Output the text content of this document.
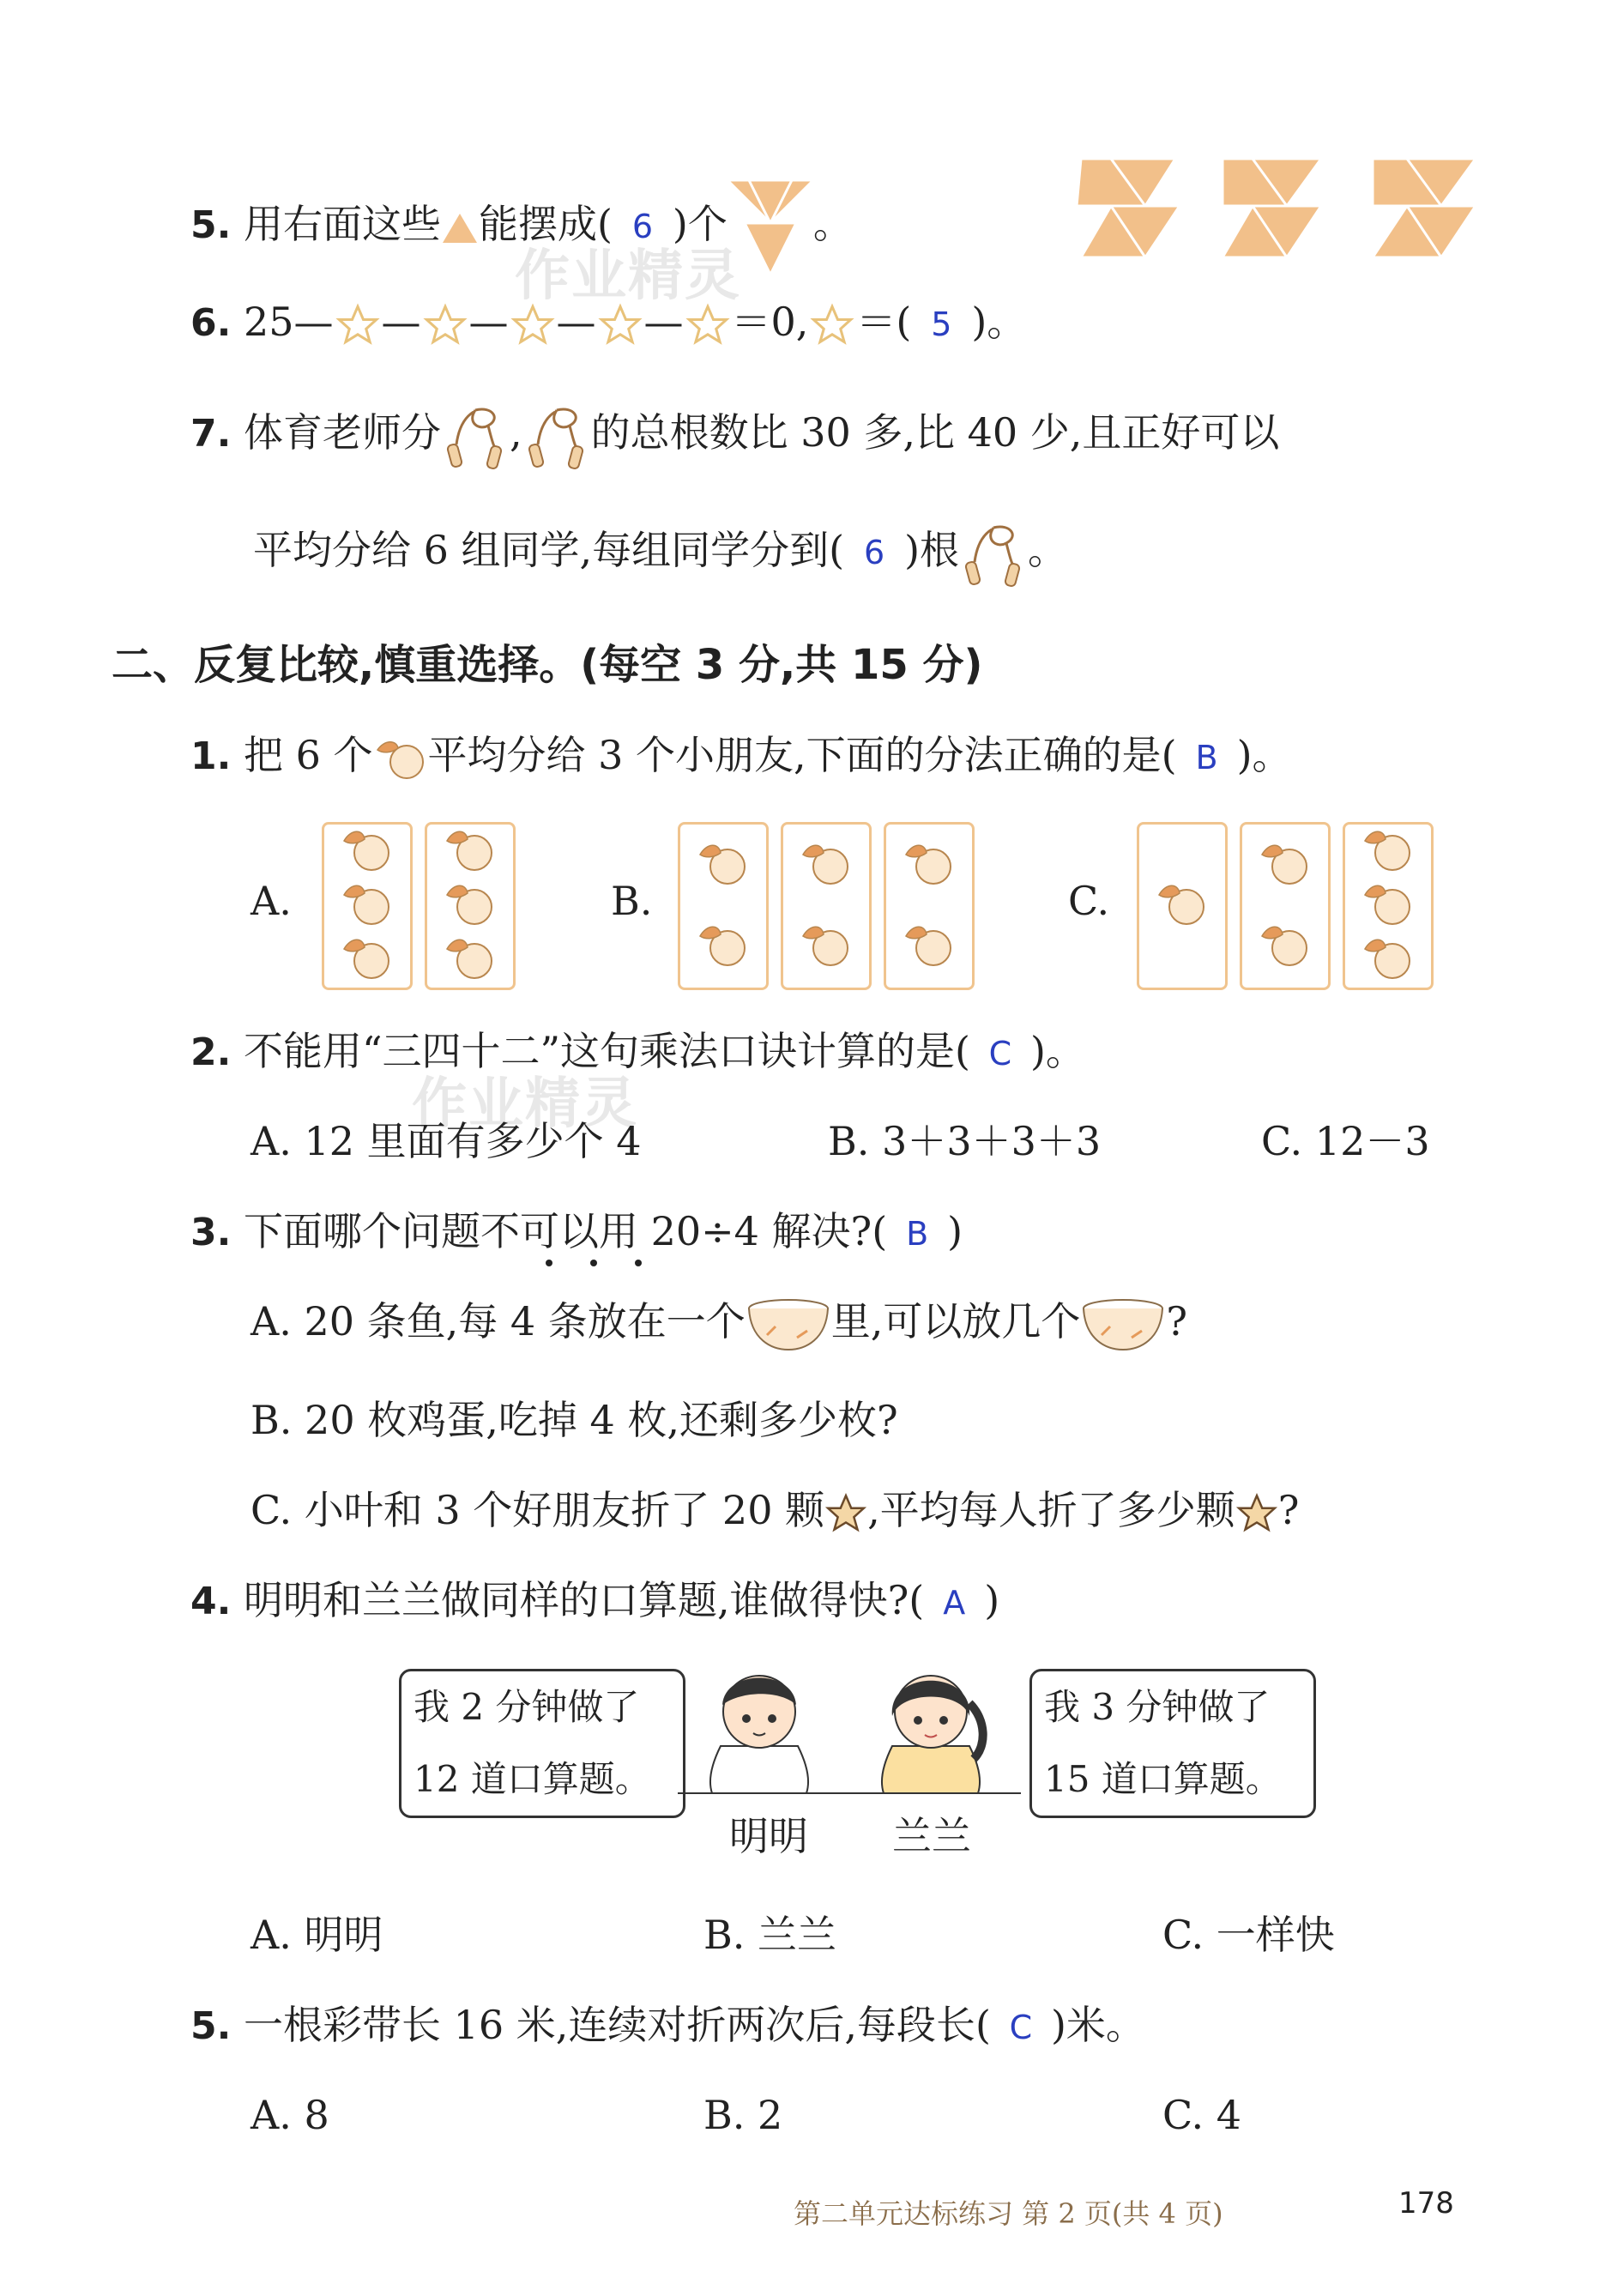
作业精灵
作业精灵
5. 用右面这些 能摆成( 6 )个 。
6. 25— — — — — ＝0, ＝( 5 )。
7. 体育老师分 , 的总根数比 30 多,比 40 少,且正好可以
平均分给 6 组同学,每组同学分到( 6 )根 。
二、反复比较,慎重选择。(每空 3 分,共 15 分)
1. 把 6 个 平均分给 3 个小朋友,下面的分法正确的是( B )。
A.	B.	C.
2. 不能用“三四十二”这句乘法口诀计算的是( C )。
A. 12 里面有多少个 4	B. 3＋3＋3＋3	C. 12－3
3. 下面哪个问题不可以用 20÷4 解决?( B )
A. 20 条鱼,每 4 条放在一个 里,可以放几个 ?
B. 20 枚鸡蛋,吃掉 4 枚,还剩多少枚?
C. 小叶和 3 个好朋友折了 20 颗 ,平均每人折了多少颗 ?
4. 明明和兰兰做同样的口算题,谁做得快?( A )
我 2 分钟做了
12 道口算题。
我 3 分钟做了
15 道口算题。
明明 兰兰
A. 明明	B. 兰兰	C. 一样快
5. 一根彩带长 16 米,连续对折两次后,每段长( C )米。
A. 8	B. 2	C. 4
第二单元达标练习 第 2 页(共 4 页)	178
